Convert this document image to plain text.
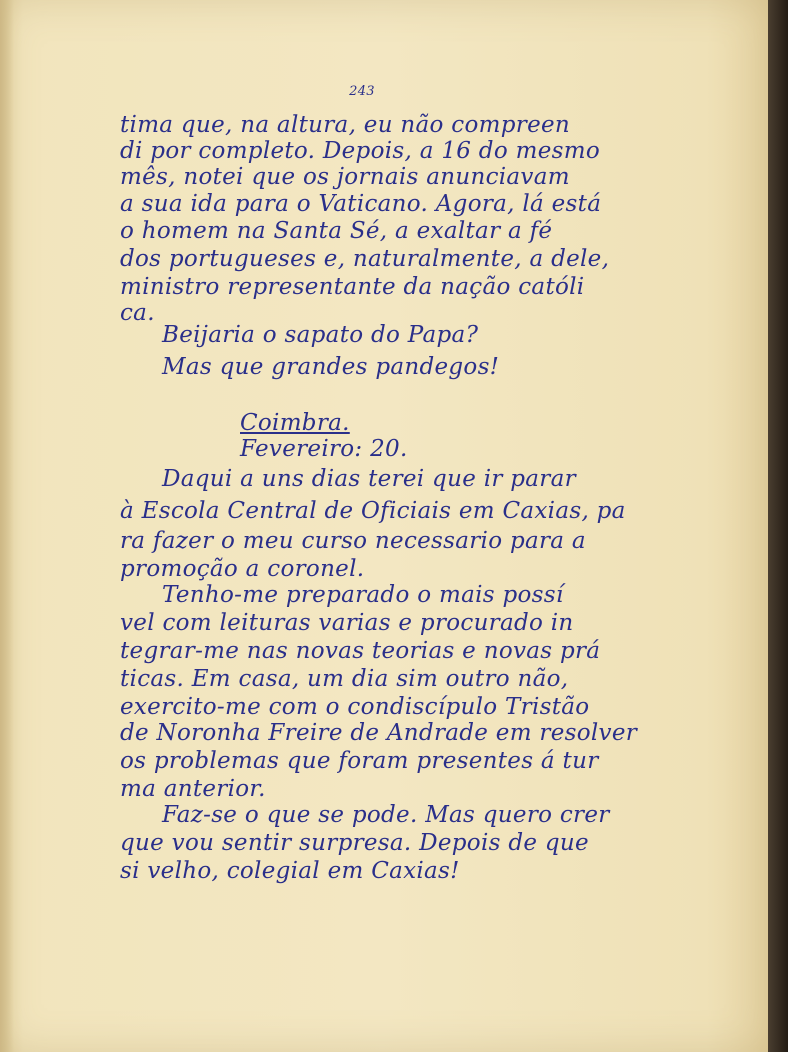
243
tima que, na altura, eu não compreen
di por completo. Depois, a 16 do mesmo
mês, notei que os jornais anunciavam
a sua ida para o Vaticano. Agora, lá está
o homem na Santa Sé, a exaltar a fé
dos portugueses e, naturalmente, a dele,
ministro representante da nação católi
ca.
Beijaria o sapato do Papa?
Mas que grandes pandegos!
Coimbra.
Fevereiro: 20.
Daqui a uns dias terei que ir parar
à Escola Central de Oficiais em Caxias, pa
ra fazer o meu curso necessario para a
promoção a coronel.
Tenho-me preparado o mais possí
vel com leituras varias e procurado in
tegrar-me nas novas teorias e novas prá
ticas. Em casa, um dia sim outro não,
exercito-me com o condiscípulo Tristão
de Noronha Freire de Andrade em resolver
os problemas que foram presentes á tur
ma anterior.
Faz-se o que se pode. Mas quero crer
que vou sentir surpresa. Depois de que
si velho, colegial em Caxias!
